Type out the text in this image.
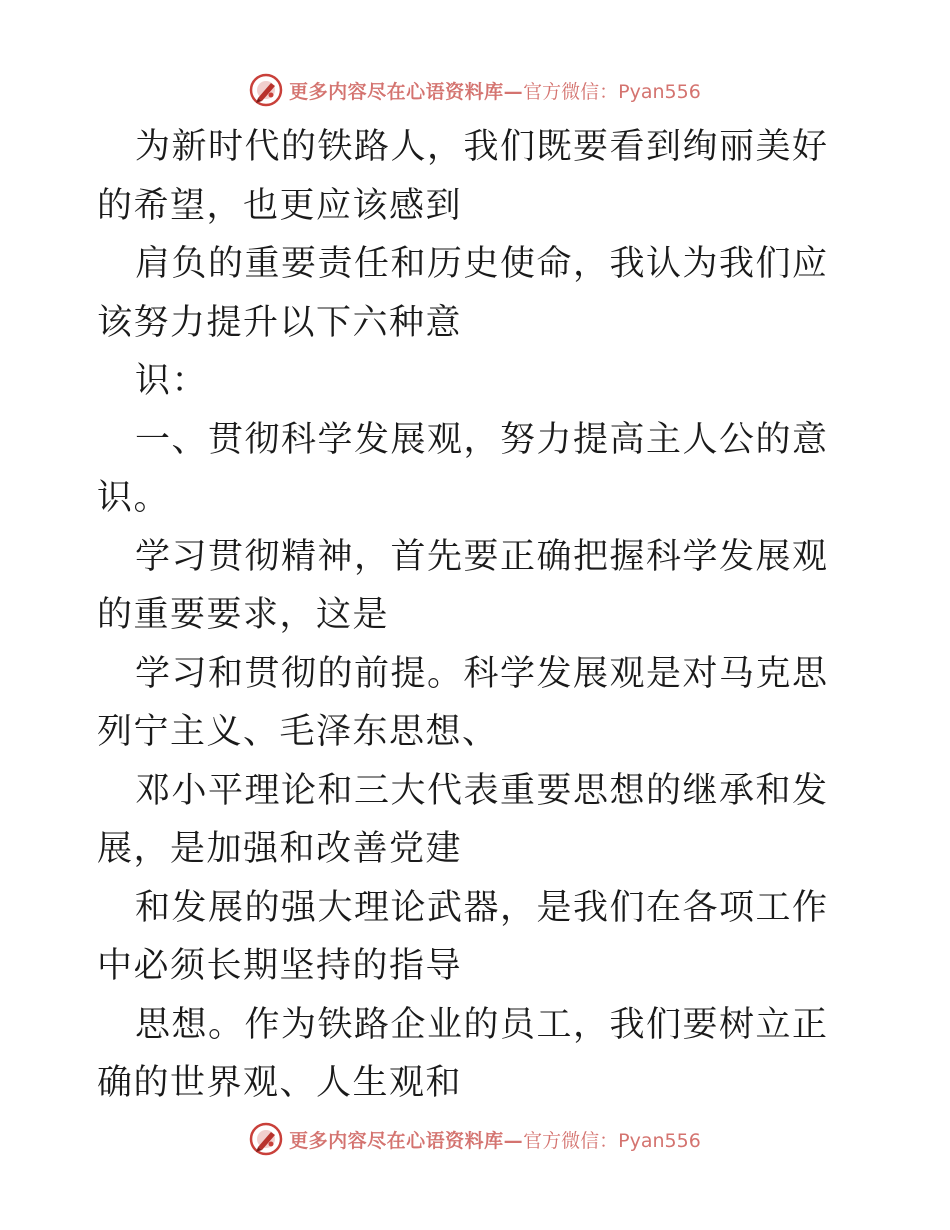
更多内容尽在心语资料库 — 官方微信：Pyan556

为新时代的铁路人，我们既要看到绚丽美好的希望，也更应该感到

肩负的重要责任和历史使命，我认为我们应该努力提升以下六种意

识：

一、贯彻科学发展观，努力提高主人公的意识。

学习贯彻精神，首先要正确把握科学发展观的重要要求，这是

学习和贯彻的前提。科学发展观是对马克思列宁主义、毛泽东思想、

邓小平理论和三大代表重要思想的继承和发展，是加强和改善党建

和发展的强大理论武器，是我们在各项工作中必须长期坚持的指导

思想。作为铁路企业的员工，我们要树立正确的世界观、人生观和

更多内容尽在心语资料库 — 官方微信：Pyan556
